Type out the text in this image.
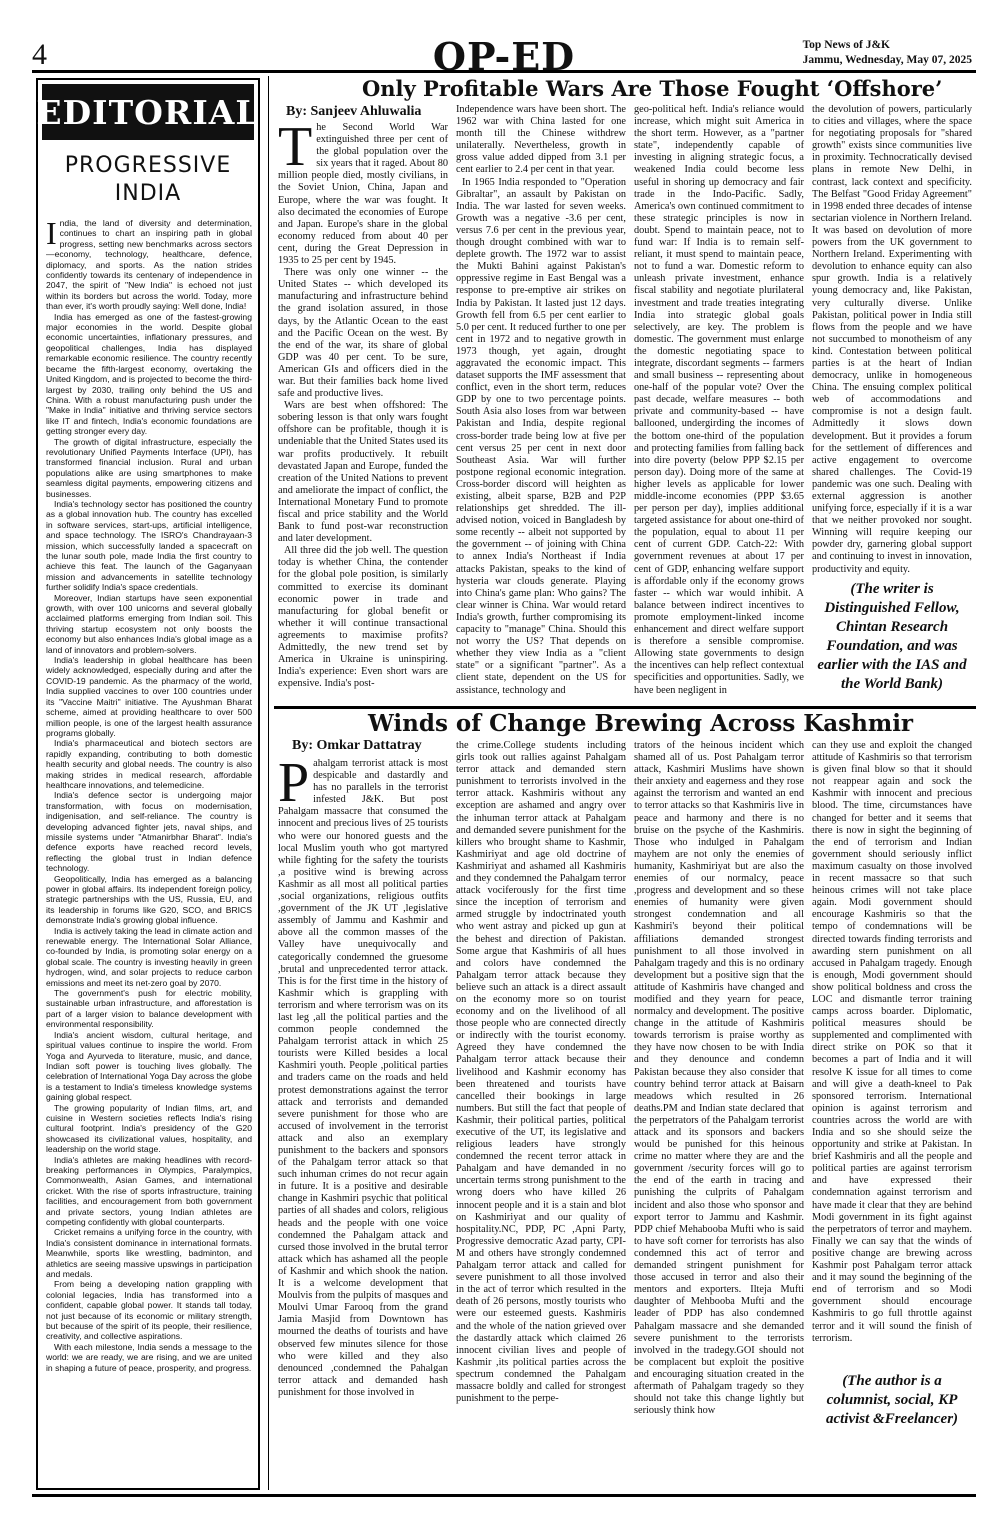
4	OP-ED	Top News of J&K
Jammu, Wednesday, May 07, 2025
EDITORIAL
PROGRESSIVE
INDIA
I ndia, the land of diversity and determination, continues to chart an inspiring path in global progress, setting new benchmarks across sectors—economy, technology, healthcare, defence, diplomacy, and sports. As the nation strides confidently towards its centenary of independence in 2047, the spirit of "New India" is echoed not just within its borders but across the world. Today, more than ever, it's worth proudly saying: Well done, India!

India has emerged as one of the fastest-growing major economies in the world. Despite global economic uncertainties, inflationary pressures, and geopolitical challenges, India has displayed remarkable economic resilience. The country recently became the fifth-largest economy, overtaking the United Kingdom, and is projected to become the third-largest by 2030, trailing only behind the US and China. With a robust manufacturing push under the "Make in India" initiative and thriving service sectors like IT and fintech, India's economic foundations are getting stronger every day.

The growth of digital infrastructure, especially the revolutionary Unified Payments Interface (UPI), has transformed financial inclusion. Rural and urban populations alike are using smartphones to make seamless digital payments, empowering citizens and businesses.

India's technology sector has positioned the country as a global innovation hub. The country has excelled in software services, start-ups, artificial intelligence, and space technology. The ISRO's Chandrayaan-3 mission, which successfully landed a spacecraft on the lunar south pole, made India the first country to achieve this feat. The launch of the Gaganyaan mission and advancements in satellite technology further solidify India's space credentials.

Moreover, Indian startups have seen exponential growth, with over 100 unicorns and several globally acclaimed platforms emerging from Indian soil. This thriving startup ecosystem not only boosts the economy but also enhances India's global image as a land of innovators and problem-solvers.

India's leadership in global healthcare has been widely acknowledged, especially during and after the COVID-19 pandemic. As the pharmacy of the world, India supplied vaccines to over 100 countries under its "Vaccine Maitri" initiative. The Ayushman Bharat scheme, aimed at providing healthcare to over 500 million people, is one of the largest health assurance programs globally.

India's pharmaceutical and biotech sectors are rapidly expanding, contributing to both domestic health security and global needs. The country is also making strides in medical research, affordable healthcare innovations, and telemedicine.

India's defence sector is undergoing major transformation, with focus on modernisation, indigenisation, and self-reliance. The country is developing advanced fighter jets, naval ships, and missile systems under "Atmanirbhar Bharat". India's defence exports have reached record levels, reflecting the global trust in Indian defence technology.

Geopolitically, India has emerged as a balancing power in global affairs. Its independent foreign policy, strategic partnerships with the US, Russia, EU, and its leadership in forums like G20, SCO, and BRICS demonstrate India's growing global influence.

India is actively taking the lead in climate action and renewable energy. The International Solar Alliance, co-founded by India, is promoting solar energy on a global scale. The country is investing heavily in green hydrogen, wind, and solar projects to reduce carbon emissions and meet its net-zero goal by 2070.

The government's push for electric mobility, sustainable urban infrastructure, and afforestation is part of a larger vision to balance development with environmental responsibility.

India's ancient wisdom, cultural heritage, and spiritual values continue to inspire the world. From Yoga and Ayurveda to literature, music, and dance, Indian soft power is touching lives globally. The celebration of International Yoga Day across the globe is a testament to India's timeless knowledge systems gaining global respect.

The growing popularity of Indian films, art, and cuisine in Western societies reflects India's rising cultural footprint. India's presidency of the G20 showcased its civilizational values, hospitality, and leadership on the world stage.

India's athletes are making headlines with record-breaking performances in Olympics, Paralympics, Commonwealth, Asian Games, and international cricket. With the rise of sports infrastructure, training facilities, and encouragement from both government and private sectors, young Indian athletes are competing confidently with global counterparts.

Cricket remains a unifying force in the country, with India's consistent dominance in international formats. Meanwhile, sports like wrestling, badminton, and athletics are seeing massive upswings in participation and medals.

From being a developing nation grappling with colonial legacies, India has transformed into a confident, capable global power. It stands tall today, not just because of its economic or military strength, but because of the spirit of its people, their resilience, creativity, and collective aspirations.

With each milestone, India sends a message to the world: we are ready, we are rising, and we are united in shaping a future of peace, prosperity, and progress.

Only Profitable Wars Are Those Fought ‘Offshore’
By: Sanjeev Ahluwalia
T he Second World War extinguished three per cent of the global population over the six years that it raged. About 80 million people died, mostly civilians, in the Soviet Union, China, Japan and Europe, where the war was fought. It also decimated the economies of Europe and Japan. Europe's share in the global economy reduced from about 40 per cent, during the Great Depression in 1935 to 25 per cent by 1945.

There was only one winner -- the United States -- which developed its manufacturing and infrastructure behind the grand isolation assured, in those days, by the Atlantic Ocean to the east and the Pacific Ocean on the west. By the end of the war, its share of global GDP was 40 per cent. To be sure, American GIs and officers died in the war. But their families back home lived safe and productive lives.

Wars are best when offshored: The sobering lesson is that only wars fought offshore can be profitable, though it is undeniable that the United States used its war profits productively. It rebuilt devastated Japan and Europe, funded the creation of the United Nations to prevent and ameliorate the impact of conflict, the International Monetary Fund to promote fiscal and price stability and the World Bank to fund post-war reconstruction and later development.

All three did the job well. The question today is whether China, the contender for the global pole position, is similarly committed to exercise its dominant economic power in trade and manufacturing for global benefit or whether it will continue transactional agreements to maximise profits? Admittedly, the new trend set by America in Ukraine is uninspiring. India's experience: Even short wars are expensive. India's post-

Independence wars have been short. The 1962 war with China lasted for one month till the Chinese withdrew unilaterally. Nevertheless, growth in gross value added dipped from 3.1 per cent earlier to 2.4 per cent in that year.

In 1965 India responded to "Operation Gibraltar", an assault by Pakistan on India. The war lasted for seven weeks. Growth was a negative -3.6 per cent, versus 7.6 per cent in the previous year, though drought combined with war to deplete growth. The 1972 war to assist the Mukti Bahini against Pakistan's oppressive regime in East Bengal was a response to pre-emptive air strikes on India by Pakistan. It lasted just 12 days. Growth fell from 6.5 per cent earlier to 5.0 per cent. It reduced further to one per cent in 1972 and to negative growth in 1973 though, yet again, drought aggravated the economic impact. This dataset supports the IMF assessment that conflict, even in the short term, reduces GDP by one to two percentage points. South Asia also loses from war between Pakistan and India, despite regional cross-border trade being low at five per cent versus 25 per cent in next door Southeast Asia. War will further postpone regional economic integration. Cross-border discord will heighten as existing, albeit sparse, B2B and P2P relationships get shredded. The ill-advised notion, voiced in Bangladesh by some recently -- albeit not supported by the government -- of joining with China to annex India's Northeast if India attacks Pakistan, speaks to the kind of hysteria war clouds generate. Playing into China's game plan: Who gains? The clear winner is China. War would retard India's growth, further compromising its capacity to "manage" China. Should this not worry the US? That depends on whether they view India as a "client state" or a significant "partner". As a client state, dependent on the US for assistance, technology and

geo-political heft. India's reliance would increase, which might suit America in the short term. However, as a "partner state", independently capable of investing in aligning strategic focus, a weakened India could become less useful in shoring up democracy and fair trade in the Indo-Pacific. Sadly, America's own continued commitment to these strategic principles is now in doubt. Spend to maintain peace, not to fund war: If India is to remain self-reliant, it must spend to maintain peace, not to fund a war. Domestic reform to unleash private investment, enhance fiscal stability and negotiate plurilateral investment and trade treaties integrating India into strategic global goals selectively, are key. The problem is domestic. The government must enlarge the domestic negotiating space to integrate, discordant segments -- farmers and small business -- representing about one-half of the popular vote? Over the past decade, welfare measures -- both private and community-based -- have ballooned, undergirding the incomes of the bottom one-third of the population and protecting families from falling back into dire poverty (below PPP $2.15 per person day). Doing more of the same at higher levels as applicable for lower middle-income economies (PPP $3.65 per person per day), implies additional targeted assistance for about one-third of the population, equal to about 11 per cent of current GDP. Catch-22: With government revenues at about 17 per cent of GDP, enhancing welfare support is affordable only if the economy grows faster -- which war would inhibit. A balance between indirect incentives to promote employment-linked income enhancement and direct welfare support is therefore a sensible compromise. Allowing state governments to design the incentives can help reflect contextual specificities and opportunities. Sadly, we have been negligent in

the devolution of powers, particularly to cities and villages, where the space for negotiating proposals for "shared growth" exists since communities live in proximity. Technocratically devised plans in remote New Delhi, in contrast, lack context and specificity. The Belfast "Good Friday Agreement" in 1998 ended three decades of intense sectarian violence in Northern Ireland. It was based on devolution of more powers from the UK government to Northern Ireland. Experimenting with devolution to enhance equity can also spur growth. India is a relatively young democracy and, like Pakistan, very culturally diverse. Unlike Pakistan, political power in India still flows from the people and we have not succumbed to monotheism of any kind. Contestation between political parties is at the heart of Indian democracy, unlike in homogeneous China. The ensuing complex political web of accommodations and compromise is not a design fault. Admittedly it slows down development. But it provides a forum for the settlement of differences and active engagement to overcome shared challenges. The Covid-19 pandemic was one such. Dealing with external aggression is another unifying force, especially if it is a war that we neither provoked nor sought. Winning will require keeping our powder dry, garnering global support and continuing to invest in innovation, productivity and equity.

(The writer is Distinguished Fellow, Chintan Research Foundation, and was earlier with the IAS and the World Bank)
Winds of Change Brewing Across Kashmir
By: Omkar Dattatray
P ahalgam terrorist attack is most despicable and dastardly and has no parallels in the terrorist infested J&K. But post Pahalgam massacre that consumed the innocent and precious lives of 25 tourists who were our honored guests and the local Muslim youth who got martyred while fighting for the safety the tourists ,a positive wind is brewing across Kashmir as all most all political parties ,social organizations, religious outfits ,government of the JK UT ,legislative assembly of Jammu and Kashmir and above all the common masses of the Valley have unequivocally and categorically condemned the gruesome ,brutal and unprecedented terror attack. This is for the first time in the history of Kashmir which is grappling with terrorism and where terrorism was on its last leg ,all the political parties and the common people condemned the Pahalgam terrorist attack in which 25 tourists were Killed besides a local Kashmiri youth. People ,political parties and traders came on the roads and held protest demonstrations against the terror attack and terrorists and demanded severe punishment for those who are accused of involvement in the terrorist attack and also an exemplary punishment to the backers and sponsors of the Pahalgam terror attack so that such inhuman crimes do not recur again in future. It is a positive and desirable change in Kashmiri psychic that political parties of all shades and colors, religious heads and the people with one voice condemned the Pahalgam attack and cursed those involved in the brutal terror attack which has ashamed all the people of Kashmir and which shook the nation. It is a welcome development that Moulvis from the pulpits of masques and Moulvi Umar Farooq from the grand Jamia Masjid from Downtown has mourned the deaths of tourists and have observed few minutes silence for those who were killed and they also denounced ,condemned the Pahalgan terror attack and demanded hash punishment for those involved in

the crime.College students including girls took out rallies against Pahalgam terror attack and demanded stern punishment to terrorists involved in the terror attack. Kashmiris without any exception are ashamed and angry over the inhuman terror attack at Pahalgam and demanded severe punishment for the killers who brought shame to Kashmir, Kashmiriyat and age old doctrine of Kashmiriyat and ashamed all Kashmiris and they condemned the Pahalgam terror attack vociferously for the first time since the inception of terrorism and armed struggle by indoctrinated youth who went astray and picked up gun at the behest and direction of Pakistan. Some argue that Kashmiris of all hues and colors have condemned the Pahalgam terror attack because they believe such an attack is a direct assault on the economy more so on tourist economy and on the livelihood of all those people who are connected directly or indirectly with the tourist economy. Agreed they have condemned the Pahalgam terror attack because their livelihood and Kashmir economy has been threatened and tourists have cancelled their bookings in large numbers. But still the fact that people of Kashmir, their political parties, political executive of the UT, its legislative and religious leaders have strongly condemned the recent terror attack in Pahalgam and have demanded in no uncertain terms strong punishment to the wrong doers who have killed 26 innocent people and it is a stain and blot on Kashmiriyat and our quality of hospitality.NC, PDP, PC ,Apni Party, Progressive democratic Azad party, CPI-M and others have strongly condemned Pahalgam terror attack and called for severe punishment to all those involved in the act of terror which resulted in the death of 26 persons, mostly tourists who were our esteemed guests. Kashmiris and the whole of the nation grieved over the dastardly attack which claimed 26 innocent civilian lives and people of Kashmir ,its political parties across the spectrum condemned the Pahalgam massacre boldly and called for strongest punishment to the perpe-

trators of the heinous incident which shamed all of us. Post Pahalgam terror attack, Kashmiri Muslims have shown their anxiety and eagerness and they rose against the terrorism and wanted an end to terror attacks so that Kashmiris live in peace and harmony and there is no bruise on the psyche of the Kashmiris. Those who indulged in Pahalgam mayhem are not only the enemies of humanity, Kashmiriyat but are also the enemies of our normalcy, peace ,progress and development and so these enemies of humanity were given strongest condemnation and all Kashmiri's beyond their political affiliations demanded strongest punishment to all those involved in Pahalgam tragedy and this is no ordinary development but a positive sign that the attitude of Kashmiris have changed and modified and they yearn for peace, normalcy and development. The positive change in the attitude of Kashmiris towards terrorism is praise worthy as they have now chosen to be with India and they denounce and condemn Pakistan because they also consider that country behind terror attack at Baisarn meadows which resulted in 26 deaths.PM and Indian state declared that the perpetrators of the Pahalgam terrorist attack and its sponsors and backers would be punished for this heinous crime no matter where they are and the government /security forces will go to the end of the earth in tracing and punishing the culprits of Pahalgam incident and also those who sponsor and export terror to Jammu and Kashmir. PDP chief Mehabooba Mufti who is said to have soft corner for terrorists has also condemned this act of terror and demanded stringent punishment for those accused in terror and also their mentors and exporters. Ilteja Mufti daughter of Mehbooba Mufti and the leader of PDP has also condemned Pahalgam massacre and she demanded severe punishment to the terrorists involved in the tradegy.GOI should not be complacent but exploit the positive and encouraging situation created in the aftermath of Pahalgam tragedy so they should not take this change lightly but seriously think how

can they use and exploit the changed attitude of Kashmiris so that terrorism is given final blow so that it should not reappear again and sock the Kashmir with innocent and precious blood. The time, circumstances have changed for better and it seems that there is now in sight the beginning of the end of terrorism and Indian government should seriously inflict maximum casualty on those involved in recent massacre so that such heinous crimes will not take place again. Modi government should encourage Kashmiris so that the tempo of condemnations will be directed towards finding terrorists and awarding stern punishment on all accused in Pahalgam tragedy. Enough is enough, Modi government should show political boldness and cross the LOC and dismantle terror training camps across boarder. Diplomatic, political measures should be supplemented and complimented with direct strike on POK so that it becomes a part of India and it will resolve K issue for all times to come and will give a death-kneel to Pak sponsored terrorism. International opinion is against terrorism and countries across the world are with India and so she should seize the opportunity and strike at Pakistan. In brief Kashmiris and all the people and political parties are against terrorism and have expressed their condemnation against terrorism and have made it clear that they are behind Modi government in its fight against the perpetrators of terror and mayhem. Finally we can say that the winds of positive change are brewing across Kashmir post Pahalgam terror attack and it may sound the beginning of the end of terrorism and so Modi government should encourage Kashmiris to go full throttle against terror and it will sound the finish of terrorism.

(The author is a columnist, social, KP activist &Freelancer)
